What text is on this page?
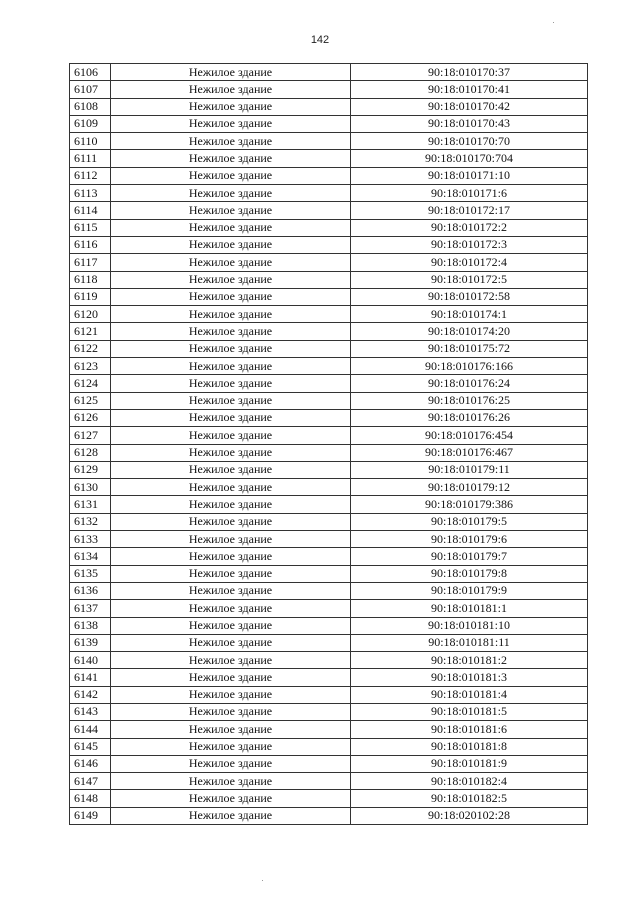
142
6106	Нежилое здание	90:18:010170:37
6107	Нежилое здание	90:18:010170:41
6108	Нежилое здание	90:18:010170:42
6109	Нежилое здание	90:18:010170:43
6110	Нежилое здание	90:18:010170:70
6111	Нежилое здание	90:18:010170:704
6112	Нежилое здание	90:18:010171:10
6113	Нежилое здание	90:18:010171:6
6114	Нежилое здание	90:18:010172:17
6115	Нежилое здание	90:18:010172:2
6116	Нежилое здание	90:18:010172:3
6117	Нежилое здание	90:18:010172:4
6118	Нежилое здание	90:18:010172:5
6119	Нежилое здание	90:18:010172:58
6120	Нежилое здание	90:18:010174:1
6121	Нежилое здание	90:18:010174:20
6122	Нежилое здание	90:18:010175:72
6123	Нежилое здание	90:18:010176:166
6124	Нежилое здание	90:18:010176:24
6125	Нежилое здание	90:18:010176:25
6126	Нежилое здание	90:18:010176:26
6127	Нежилое здание	90:18:010176:454
6128	Нежилое здание	90:18:010176:467
6129	Нежилое здание	90:18:010179:11
6130	Нежилое здание	90:18:010179:12
6131	Нежилое здание	90:18:010179:386
6132	Нежилое здание	90:18:010179:5
6133	Нежилое здание	90:18:010179:6
6134	Нежилое здание	90:18:010179:7
6135	Нежилое здание	90:18:010179:8
6136	Нежилое здание	90:18:010179:9
6137	Нежилое здание	90:18:010181:1
6138	Нежилое здание	90:18:010181:10
6139	Нежилое здание	90:18:010181:11
6140	Нежилое здание	90:18:010181:2
6141	Нежилое здание	90:18:010181:3
6142	Нежилое здание	90:18:010181:4
6143	Нежилое здание	90:18:010181:5
6144	Нежилое здание	90:18:010181:6
6145	Нежилое здание	90:18:010181:8
6146	Нежилое здание	90:18:010181:9
6147	Нежилое здание	90:18:010182:4
6148	Нежилое здание	90:18:010182:5
6149	Нежилое здание	90:18:020102:28
